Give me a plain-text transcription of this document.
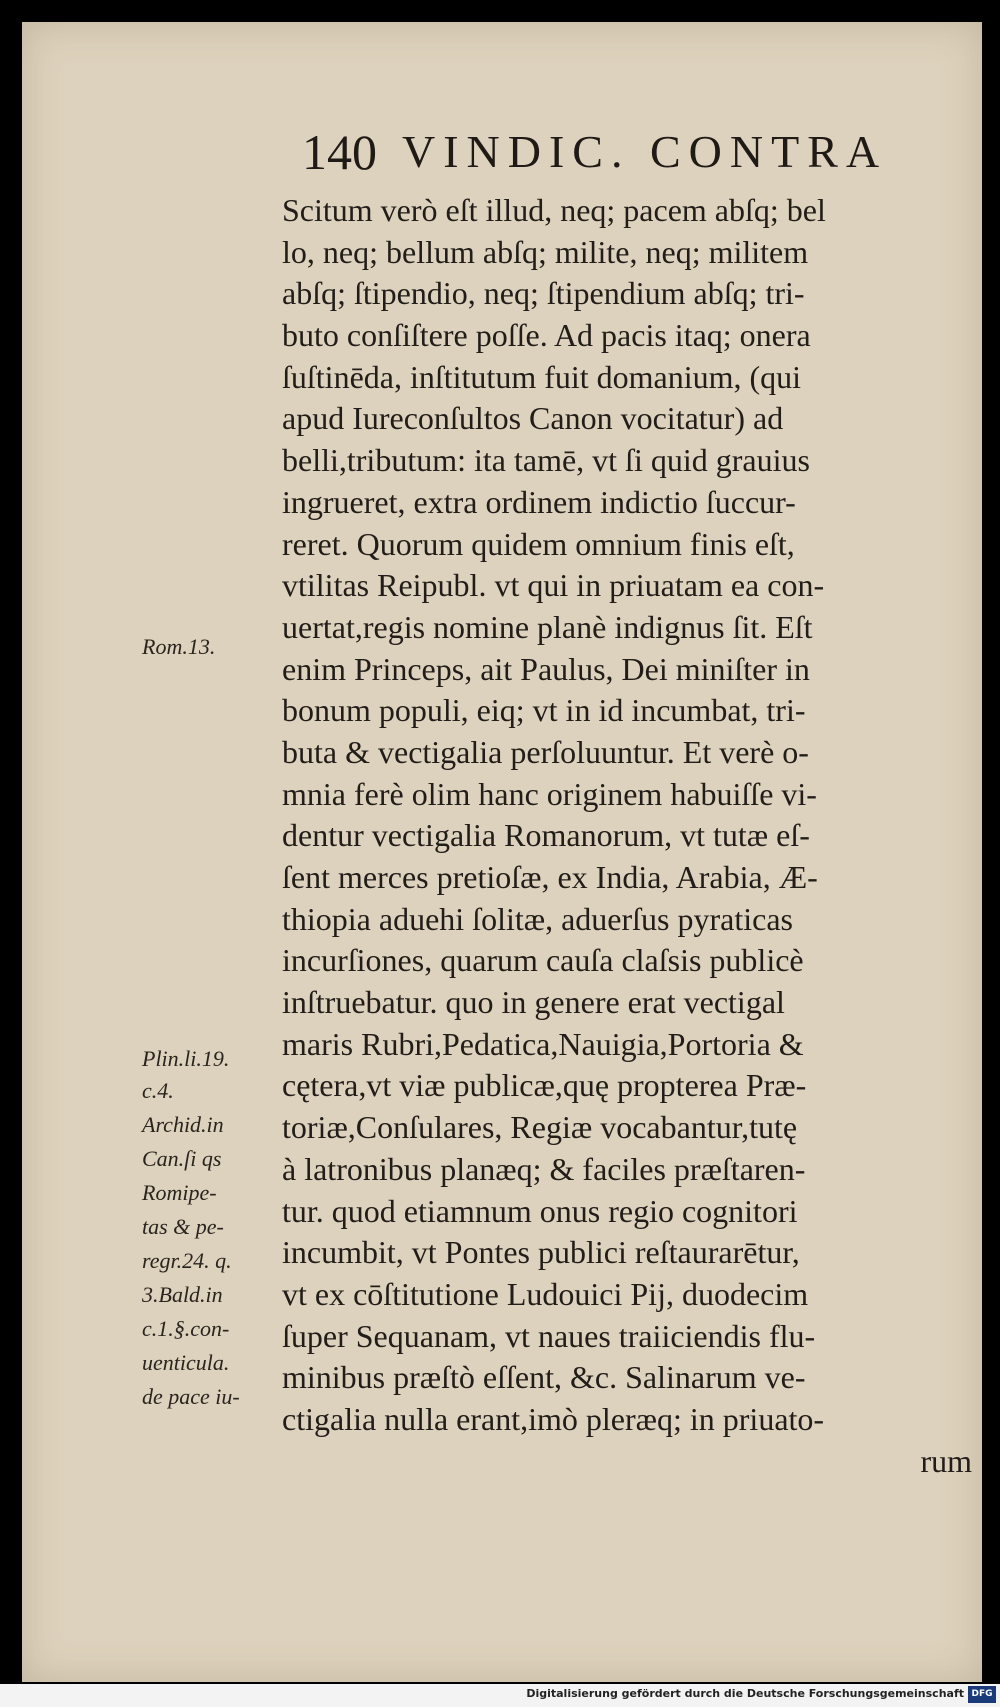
140 VINDIC. CONTRA
Scitum verò eſt illud, neq; pacem abſq; bel
lo, neq; bellum abſq; milite, neq; militem
abſq; ſtipendio, neq; ſtipendium abſq; tri-
buto conſiſtere poſſe. Ad pacis itaq; onera
ſuſtinēda, inſtitutum fuit domanium, (qui
apud Iureconſultos Canon vocitatur) ad
belli,tributum: ita tamē, vt ſi quid grauius
ingrueret, extra ordinem indictio ſuccur-
reret. Quorum quidem omnium finis eſt,
vtilitas Reipubl. vt qui in priuatam ea con-
uertat,regis nomine planè indignus ſit. Eſt
enim Princeps, ait Paulus, Dei miniſter in
bonum populi, eiq; vt in id incumbat, tri-
buta & vectigalia perſoluuntur. Et verè o-
mnia ferè olim hanc originem habuiſſe vi-
dentur vectigalia Romanorum, vt tutæ eſ-
ſent merces pretioſæ, ex India, Arabia, Æ-
thiopia aduehi ſolitæ, aduerſus pyraticas
incurſiones, quarum cauſa claſsis publicè
inſtruebatur. quo in genere erat vectigal
maris Rubri,Pedatica,Nauigia,Portoria &
cętera,vt viæ publicæ,quę propterea Præ-
toriæ,Conſulares, Regiæ vocabantur,tutę
à latronibus planæq; & faciles præſtaren-
tur. quod etiamnum onus regio cognitori
incumbit, vt Pontes publici reſtaurarētur,
vt ex cōſtitutione Ludouici Pij, duodecim
ſuper Sequanam, vt naues traiiciendis flu-
minibus præſtò eſſent, &c. Salinarum ve-
ctigalia nulla erant,imò pleræq; in priuato-
rum
Rom.13.
Plin.li.19.
c.4.
Archid.in
Can.ſi qs
Romipe-
tas & pe-
regr.24. q.
3.Bald.in
c.1.§.con-
uenticula.
de pace iu-
Digitalisierung gefördert durch die Deutsche Forschungsgemeinschaft DFG
